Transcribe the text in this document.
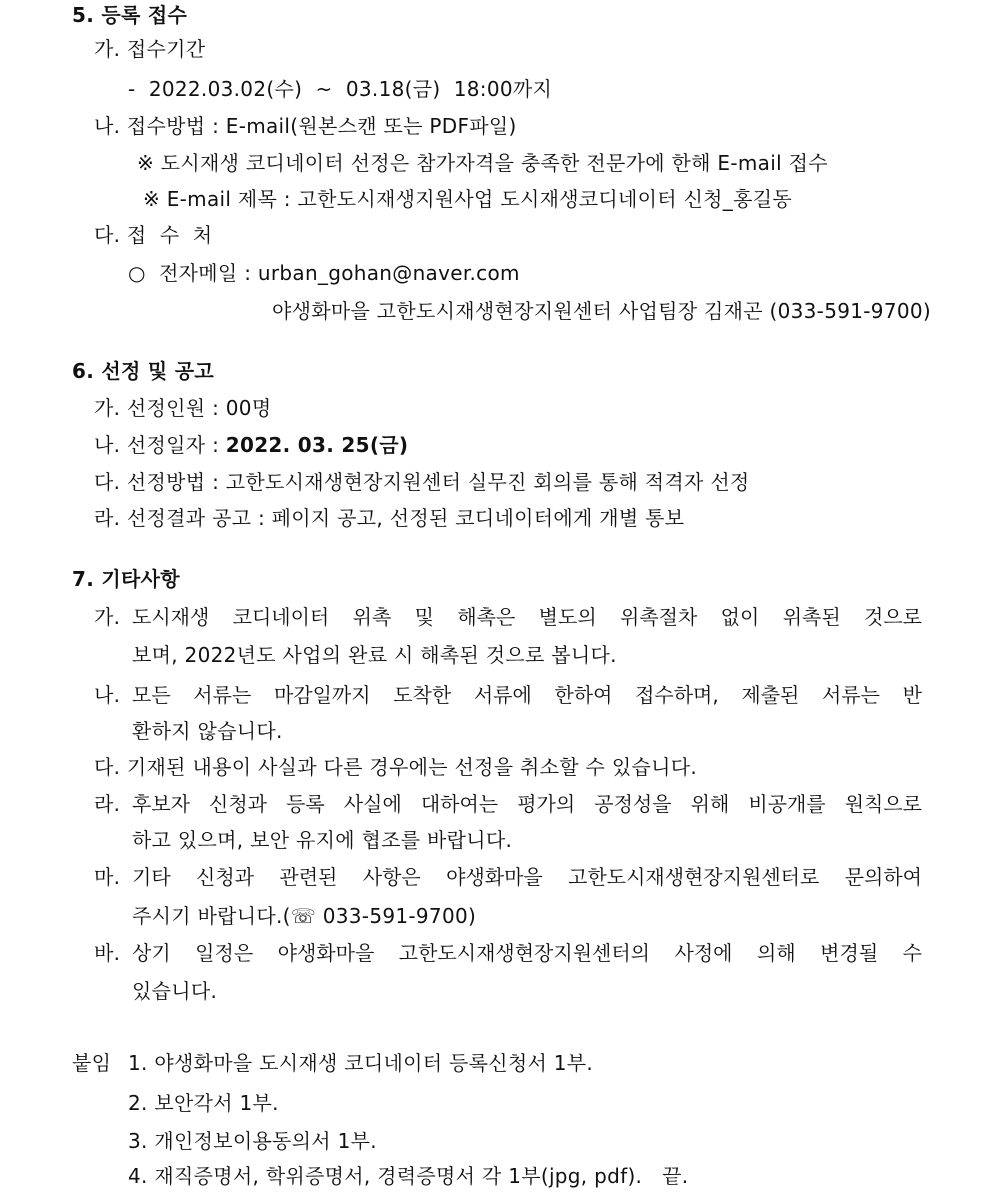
5. 등록 접수
가. 접수기간
-  2022.03.02(수)  ~  03.18(금)  18:00까지
나. 접수방법 : E-mail(원본스캔 또는 PDF파일)
※ 도시재생 코디네이터 선정은 참가자격을 충족한 전문가에 한해 E-mail 접수
※ E-mail 제목 : 고한도시재생지원사업 도시재생코디네이터 신청_홍길동
다. 접  수  처
○  전자메일 : urban_gohan@naver.com
야생화마을 고한도시재생현장지원센터 사업팀장 김재곤 (033-591-9700)
6. 선정 및 공고
가. 선정인원 : 00명
나. 선정일자 : 2022. 03. 25(금)
다. 선정방법 : 고한도시재생현장지원센터 실무진 회의를 통해 적격자 선정
라. 선정결과 공고 : 페이지 공고, 선정된 코디네이터에게 개별 통보
7. 기타사항
가. 도시재생 코디네이터 위촉 및 해촉은 별도의 위촉절차 없이 위촉된 것으로
보며, 2022년도 사업의 완료 시 해촉된 것으로 봅니다.
나. 모든 서류는 마감일까지 도착한 서류에 한하여 접수하며, 제출된 서류는 반
환하지 않습니다.
다. 기재된 내용이 사실과 다른 경우에는 선정을 취소할 수 있습니다.
라. 후보자 신청과 등록 사실에 대하여는 평가의 공정성을 위해 비공개를 원칙으로
하고 있으며, 보안 유지에 협조를 바랍니다.
마. 기타 신청과 관련된 사항은 야생화마을 고한도시재생현장지원센터로 문의하여
주시기 바랍니다.(☏ 033-591-9700)
바. 상기 일정은 야생화마을 고한도시재생현장지원센터의 사정에 의해 변경될 수
있습니다.
붙임 1. 야생화마을 도시재생 코디네이터 등록신청서 1부.
2. 보안각서 1부.
3. 개인정보이용동의서 1부.
4. 재직증명서, 학위증명서, 경력증명서 각 1부(jpg, pdf).   끝.
